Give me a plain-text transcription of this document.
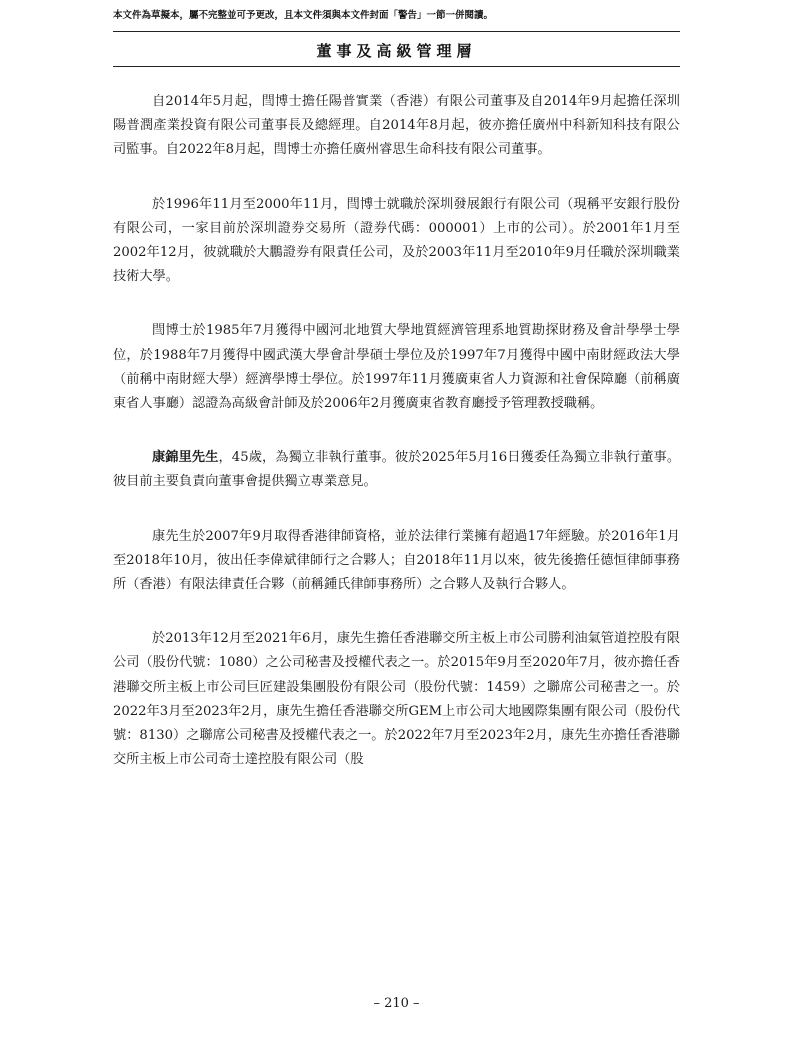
本文件為草擬本，屬不完整並可予更改，且本文件須與本文件封面「警告」一節一併閱讀。
董事及高級管理層

自2014年5月起，閆博士擔任陽普實業（香港）有限公司董事及自2014年9月起擔任深圳陽普潤產業投資有限公司董事長及總經理。自2014年8月起，彼亦擔任廣州中科新知科技有限公司監事。自2022年8月起，閆博士亦擔任廣州睿思生命科技有限公司董事。

於1996年11月至2000年11月，閆博士就職於深圳發展銀行有限公司（現稱平安銀行股份有限公司，一家目前於深圳證券交易所（證券代碼：000001）上市的公司）。於2001年1月至2002年12月，彼就職於大鵬證券有限責任公司，及於2003年11月至2010年9月任職於深圳職業技術大學。

閆博士於1985年7月獲得中國河北地質大學地質經濟管理系地質勘探財務及會計學學士學位，於1988年7月獲得中國武漢大學會計學碩士學位及於1997年7月獲得中國中南財經政法大學（前稱中南財經大學）經濟學博士學位。於1997年11月獲廣東省人力資源和社會保障廳（前稱廣東省人事廳）認證為高級會計師及於2006年2月獲廣東省教育廳授予管理教授職稱。

康錦里先生，45歲，為獨立非執行董事。彼於2025年5月16日獲委任為獨立非執行董事。彼目前主要負責向董事會提供獨立專業意見。

康先生於2007年9月取得香港律師資格，並於法律行業擁有超過17年經驗。於2016年1月至2018年10月，彼出任李偉斌律師行之合夥人；自2018年11月以來，彼先後擔任德恒律師事務所（香港）有限法律責任合夥（前稱鍾氏律師事務所）之合夥人及執行合夥人。

於2013年12月至2021年6月，康先生擔任香港聯交所主板上市公司勝利油氣管道控股有限公司（股份代號：1080）之公司秘書及授權代表之一。於2015年9月至2020年7月，彼亦擔任香港聯交所主板上市公司巨匠建設集團股份有限公司（股份代號：1459）之聯席公司秘書之一。於2022年3月至2023年2月，康先生擔任香港聯交所GEM上市公司大地國際集團有限公司（股份代號：8130）之聯席公司秘書及授權代表之一。於2022年7月至2023年2月，康先生亦擔任香港聯交所主板上市公司奇士達控股有限公司（股

– 210 –
